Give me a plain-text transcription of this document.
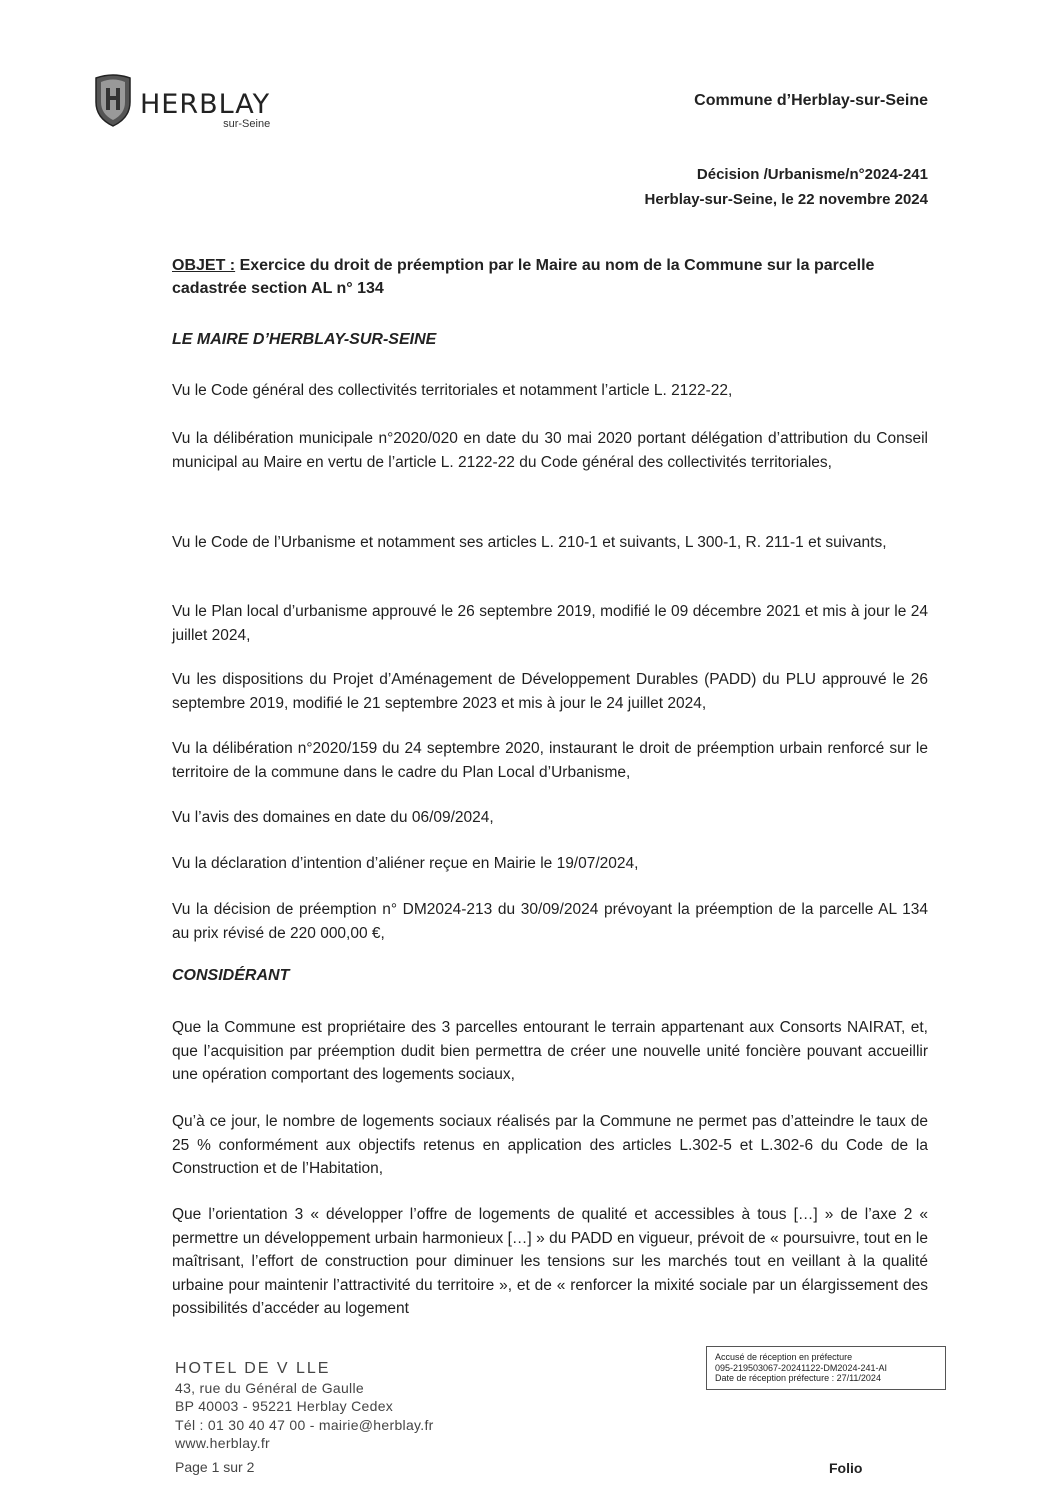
HERBLAY
sur-Seine
Commune d’Herblay-sur-Seine
Décision /Urbanisme/n°2024-241
Herblay-sur-Seine, le 22 novembre 2024
OBJET : Exercice du droit de préemption par le Maire au nom de la Commune sur la parcelle cadastrée section AL n° 134
LE MAIRE D’HERBLAY-SUR-SEINE
Vu le Code général des collectivités territoriales et notamment l’article L. 2122-22,
Vu la délibération municipale n°2020/020 en date du 30 mai 2020 portant délégation d’attribution du Conseil municipal au Maire en vertu de l’article L. 2122-22 du Code général des collectivités territoriales,
Vu le Code de l’Urbanisme et notamment ses articles L. 210-1 et suivants, L 300-1, R. 211-1 et suivants,
Vu le Plan local d’urbanisme approuvé le 26 septembre 2019, modifié le 09 décembre 2021 et mis à jour le 24 juillet 2024,
Vu les dispositions du Projet d’Aménagement de Développement Durables (PADD) du PLU approuvé le 26 septembre 2019, modifié le 21 septembre 2023 et mis à jour le 24 juillet 2024,
Vu la délibération n°2020/159 du 24 septembre 2020, instaurant le droit de préemption urbain renforcé sur le territoire de la commune dans le cadre du Plan Local d’Urbanisme,
Vu l’avis des domaines en date du 06/09/2024,
Vu la déclaration d’intention d’aliéner reçue en Mairie le 19/07/2024,
Vu la décision de préemption n° DM2024-213 du 30/09/2024 prévoyant la préemption de la parcelle AL 134 au prix révisé de 220 000,00 €,
CONSIDÉRANT
Que la Commune est propriétaire des 3 parcelles entourant le terrain appartenant aux Consorts NAIRAT, et, que l’acquisition par préemption dudit bien permettra de créer une nouvelle unité foncière pouvant accueillir une opération comportant des logements sociaux,
Qu’à ce jour, le nombre de logements sociaux réalisés par la Commune ne permet pas d’atteindre le taux de 25 % conformément aux objectifs retenus en application des articles L.302-5 et L.302-6 du Code de la Construction et de l’Habitation,
Que l’orientation 3 « développer l’offre de logements de qualité et accessibles à tous […] » de l’axe 2 « permettre un développement urbain harmonieux […] » du PADD en vigueur, prévoit de « poursuivre, tout en le maîtrisant, l’effort de construction pour diminuer les tensions sur les marchés tout en veillant à la qualité urbaine pour maintenir l’attractivité du territoire », et de « renforcer la mixité sociale par un élargissement des possibilités d’accéder au logement
HOTEL DE V LLE
43, rue du Général de Gaulle
BP 40003 - 95221 Herblay Cedex
Tél : 01 30 40 47 00 - mairie@herblay.fr
www.herblay.fr
Page 1 sur 2
Accusé de réception en préfecture
095-219503067-20241122-DM2024-241-AI
Date de réception préfecture : 27/11/2024
Folio
